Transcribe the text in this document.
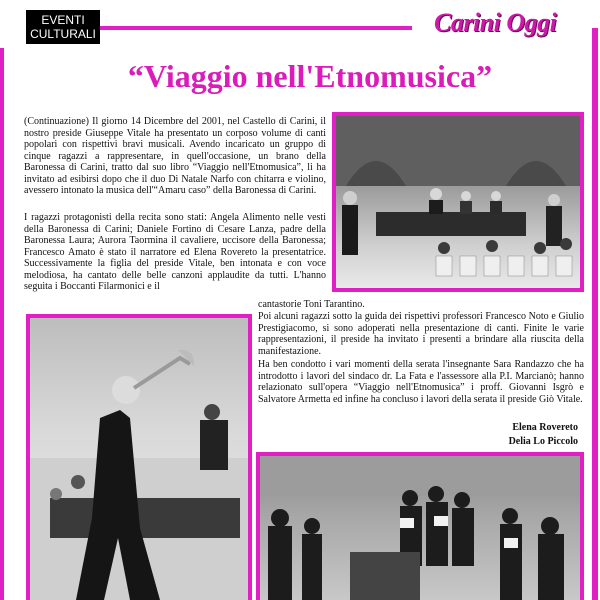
EVENTI
CULTURALI	Carini Oggi
“Viaggio nell'Etnomusica”

(Continuazione) Il giorno 14 Dicembre del 2001, nel Castello di Carini, il nostro preside Giuseppe Vitale ha presentato un corposo volume di canti popolari con rispettivi bravi musicali. Avendo incaricato un gruppo di cinque ragazzi a rappresentare, in quell'occasione, un brano della Baronessa di Carini, tratto dal suo libro “Viaggio nell'Etnomusica”, li ha invitato ad esibirsi dopo che il duo Di Natale Narfo con chitarra e violino, avessero intonato la musica dell'“Amaru caso” della Baronessa di Carini.

I ragazzi protagonisti della recita sono stati: Angela Alimento nelle vesti della Baronessa di Carini; Daniele Fortino di Cesare Lanza, padre della Baronessa Laura; Aurora Taormina il cavaliere, uccisore della Baronessa; Francesco Amato è stato il narratore ed Elena Rovereto la presentatrice. Successivamente la figlia del preside Vitale, ben intonata e con voce melodiosa, ha cantato delle belle canzoni applaudite da tutti. L'hanno seguita i Boccanti Filarmonici e il

cantastorie Toni Tarantino.

Poi alcuni ragazzi sotto la guida dei rispettivi professori Francesco Noto e Giulio Prestigiacomo, si sono adoperati nella presentazione di canti. Finite le varie rappresentazioni, il preside ha invitato i presenti a brindare alla riuscita della manifestazione.

Ha ben condotto i vari momenti della serata l'insegnante Sara Randazzo che ha introdotto i lavori del sindaco dr. La Fata e l'assessore alla P.I. Marcianò; hanno relazionato sull'opera “Viaggio nell'Etnomusica” i proff. Giovanni Isgrò e Salvatore Armetta ed infine ha concluso i lavori della serata il preside Giò Vitale.

Elena Rovereto
Delia Lo Piccolo
